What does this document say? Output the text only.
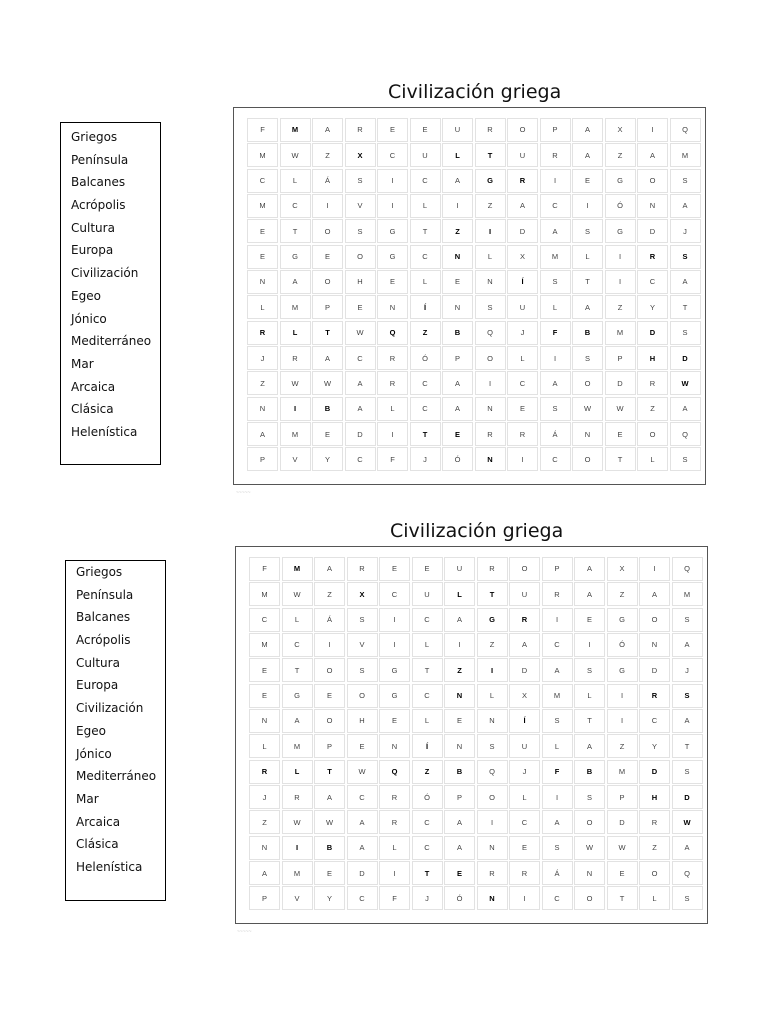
Griegos
Península
Balcanes
Acrópolis
Cultura
Europa
Civilización
Egeo
Jónico
Mediterráneo
Mar
Arcaica
Clásica
Helenística
Civilización griega
F	M	A	R	E	E	U	R	O	P	A	X	I	Q
M	W	Z	X	C	U	L	T	U	R	A	Z	A	M
C	L	Á	S	I	C	A	G	R	I	E	G	O	S
M	C	I	V	I	L	I	Z	A	C	I	Ó	N	A
E	T	O	S	G	T	Z	I	D	A	S	G	D	J
E	G	E	O	G	C	N	L	X	M	L	I	R	S
N	A	O	H	E	L	E	N	Í	S	T	I	C	A
L	M	P	E	N	Í	N	S	U	L	A	Z	Y	T
R	L	T	W	Q	Z	B	Q	J	F	B	M	D	S
J	R	A	C	R	Ó	P	O	L	I	S	P	H	D
Z	W	W	A	R	C	A	I	C	A	O	D	R	W
N	I	B	A	L	C	A	N	E	S	W	W	Z	A
A	M	E	D	I	T	E	R	R	Á	N	E	O	Q
P	V	Y	C	F	J	Ó	N	I	C	O	T	L	S
~~~~~
Griegos
Península
Balcanes
Acrópolis
Cultura
Europa
Civilización
Egeo
Jónico
Mediterráneo
Mar
Arcaica
Clásica
Helenística
Civilización griega
F	M	A	R	E	E	U	R	O	P	A	X	I	Q
M	W	Z	X	C	U	L	T	U	R	A	Z	A	M
C	L	Á	S	I	C	A	G	R	I	E	G	O	S
M	C	I	V	I	L	I	Z	A	C	I	Ó	N	A
E	T	O	S	G	T	Z	I	D	A	S	G	D	J
E	G	E	O	G	C	N	L	X	M	L	I	R	S
N	A	O	H	E	L	E	N	Í	S	T	I	C	A
L	M	P	E	N	Í	N	S	U	L	A	Z	Y	T
R	L	T	W	Q	Z	B	Q	J	F	B	M	D	S
J	R	A	C	R	Ó	P	O	L	I	S	P	H	D
Z	W	W	A	R	C	A	I	C	A	O	D	R	W
N	I	B	A	L	C	A	N	E	S	W	W	Z	A
A	M	E	D	I	T	E	R	R	Á	N	E	O	Q
P	V	Y	C	F	J	Ó	N	I	C	O	T	L	S
~~~~~
